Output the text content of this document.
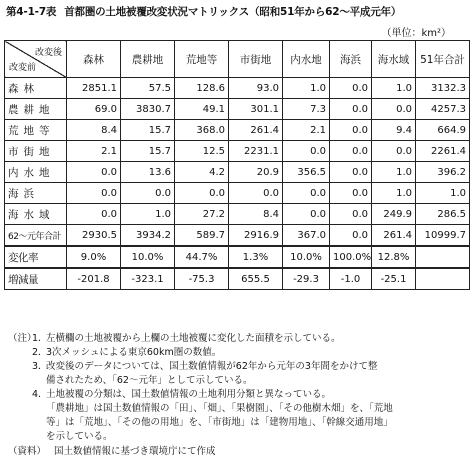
第4-1-7表 首都圏の土地被覆改変状況マトリックス（昭和51年から62～平成元年）
（単位：km²）
改変後
改変前	森林	農耕地	荒地等	市街地	内水地	海浜	海水域	51年合計
森林	2851.1	57.5	128.6	93.0	1.0	0.0	1.0	3132.3
農耕地	69.0	3830.7	49.1	301.1	7.3	0.0	0.0	4257.3
荒地等	8.4	15.7	368.0	261.4	2.1	0.0	9.4	664.9
市街地	2.1	15.7	12.5	2231.1	0.0	0.0	0.0	2261.4
内水地	0.0	13.6	4.2	20.9	356.5	0.0	1.0	396.2
海浜	0.0	0.0	0.0	0.0	0.0	0.0	1.0	1.0
海水域	0.0	1.0	27.2	8.4	0.0	0.0	249.9	286.5
62～元年合計	2930.5	3934.2	589.7	2916.9	367.0	0.0	261.4	10999.7
変化率	9.0%	10.0%	44.7%	1.3%	10.0%	100.0%	12.8%	
増減量	-201.8	-323.1	-75.3	655.5	-29.3	-1.0	-25.1	
（注）
1．
左横欄の土地被覆から上欄の土地被覆に変化した面積を示している。
2．
3次メッシュによる東京60km圏の数値。
3．
改変後のデータについては、国土数値情報が62年から元年の3年間をかけて整
備されたため、「62～元年」として示している。
4．
土地被覆の分類は、国土数値情報の土地利用分類と異なっている。
「農耕地」は国土数値情報の「田」、「畑」、「果樹園」、「その他樹木畑」を、「荒地
等」は「荒地」、「その他の用地」を、「市街地」は「建物用地」、「幹線交通用地」
を示している。
（資料） 国土数値情報に基づき環境庁にて作成
